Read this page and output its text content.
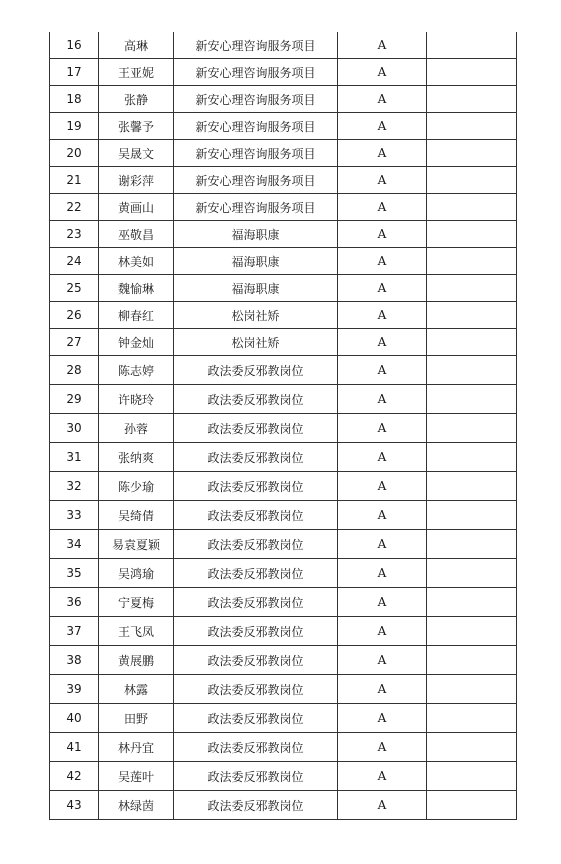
16	高琳	新安心理咨询服务项目	A	
17	王亚妮	新安心理咨询服务项目	A	
18	张静	新安心理咨询服务项目	A	
19	张馨予	新安心理咨询服务项目	A	
20	吴晟文	新安心理咨询服务项目	A	
21	谢彩萍	新安心理咨询服务项目	A	
22	黄画山	新安心理咨询服务项目	A	
23	巫敬昌	福海职康	A	
24	林美如	福海职康	A	
25	魏愉琳	福海职康	A	
26	柳春红	松岗社矫	A	
27	钟金灿	松岗社矫	A	
28	陈志婷	政法委反邪教岗位	A	
29	许晓玲	政法委反邪教岗位	A	
30	孙蓉	政法委反邪教岗位	A	
31	张纳爽	政法委反邪教岗位	A	
32	陈少瑜	政法委反邪教岗位	A	
33	吴绮倩	政法委反邪教岗位	A	
34	易袁夏颖	政法委反邪教岗位	A	
35	吴鸿瑜	政法委反邪教岗位	A	
36	宁夏梅	政法委反邪教岗位	A	
37	王飞凤	政法委反邪教岗位	A	
38	黄展鹏	政法委反邪教岗位	A	
39	林露	政法委反邪教岗位	A	
40	田野	政法委反邪教岗位	A	
41	林丹宜	政法委反邪教岗位	A	
42	吴莲叶	政法委反邪教岗位	A	
43	林绿茵	政法委反邪教岗位	A	
